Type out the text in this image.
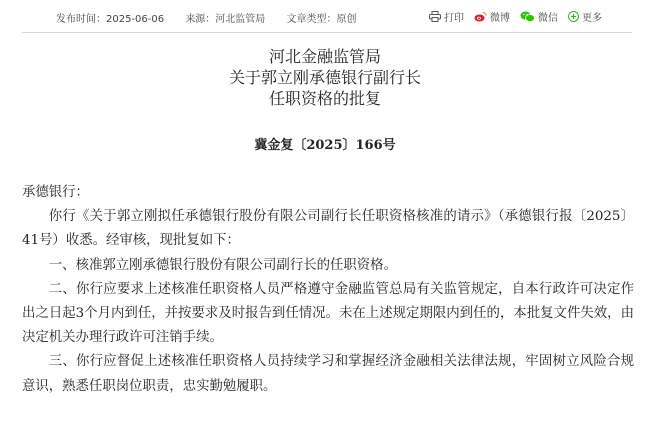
发布时间：2025-06-06 来源：河北监管局 文章类型：原创	打印	微博	微信 更多
河北金融监管局
关于郭立刚承德银行副行长
任职资格的批复
冀金复〔2025〕166号

承德银行：

你行《关于郭立刚拟任承德银行股份有限公司副行长任职资格核准的请示》（承德银行报〔2025〕41号）收悉。经审核，现批复如下：

一、核准郭立刚承德银行股份有限公司副行长的任职资格。

二、你行应要求上述核准任职资格人员严格遵守金融监管总局有关监管规定，自本行政许可决定作出之日起3个月内到任，并按要求及时报告到任情况。未在上述规定期限内到任的，本批复文件失效，由决定机关办理行政许可注销手续。

三、你行应督促上述核准任职资格人员持续学习和掌握经济金融相关法律法规，牢固树立风险合规意识，熟悉任职岗位职责，忠实勤勉履职。
